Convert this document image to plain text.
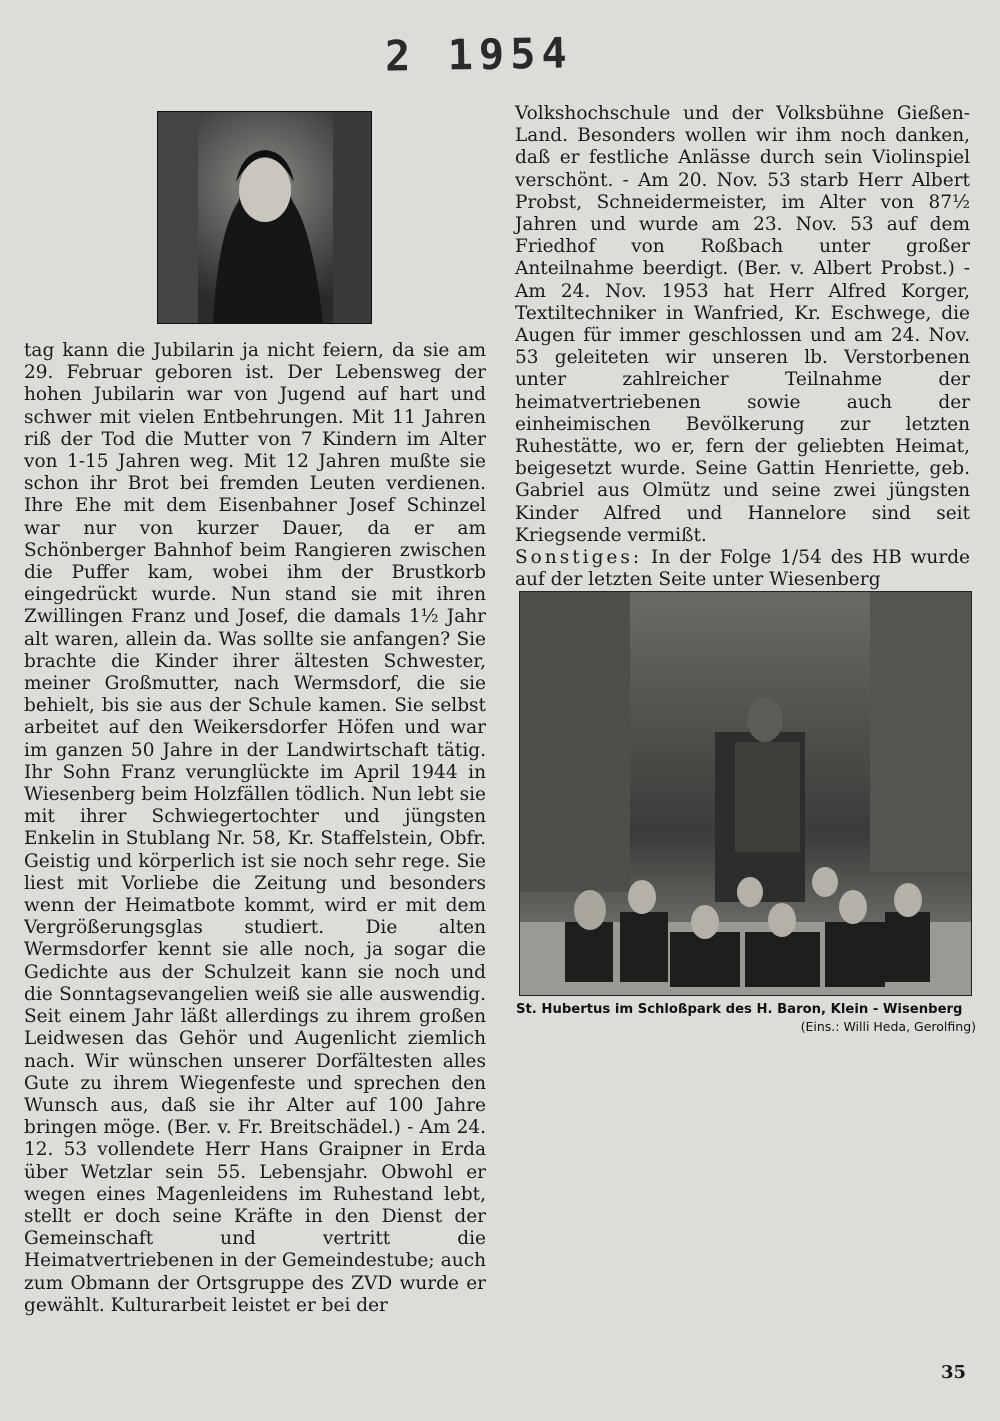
2 1954

tag kann die Jubilarin ja nicht feiern, da sie am 29. Februar geboren ist. Der Lebensweg der hohen Jubilarin war von Jugend auf hart und schwer mit vielen Entbehrungen. Mit 11 Jahren riß der Tod die Mutter von 7 Kindern im Alter von 1-15 Jahren weg. Mit 12 Jahren mußte sie schon ihr Brot bei fremden Leuten verdienen. Ihre Ehe mit dem Eisenbahner Josef Schinzel war nur von kurzer Dauer, da er am Schönberger Bahnhof beim Rangieren zwischen die Puffer kam, wobei ihm der Brustkorb eingedrückt wurde. Nun stand sie mit ihren Zwillingen Franz und Josef, die damals 1½ Jahr alt waren, allein da. Was sollte sie anfangen? Sie brachte die Kinder ihrer ältesten Schwester, meiner Großmutter, nach Wermsdorf, die sie behielt, bis sie aus der Schule kamen. Sie selbst arbeitet auf den Weikersdorfer Höfen und war im ganzen 50 Jahre in der Landwirtschaft tätig. Ihr Sohn Franz verunglückte im April 1944 in Wiesenberg beim Holzfällen tödlich. Nun lebt sie mit ihrer Schwiegertochter und jüngsten Enkelin in Stublang Nr. 58, Kr. Staffelstein, Obfr. Geistig und körperlich ist sie noch sehr rege. Sie liest mit Vorliebe die Zeitung und besonders wenn der Heimatbote kommt, wird er mit dem Vergrößerungsglas studiert. Die alten Wermsdorfer kennt sie alle noch, ja sogar die Gedichte aus der Schulzeit kann sie noch und die Sonntagsevangelien weiß sie alle auswendig. Seit einem Jahr läßt allerdings zu ihrem großen Leidwesen das Gehör und Augenlicht ziemlich nach. Wir wünschen unserer Dorfältesten alles Gute zu ihrem Wiegenfeste und sprechen den Wunsch aus, daß sie ihr Alter auf 100 Jahre bringen möge. (Ber. v. Fr. Breitschädel.) - Am 24. 12. 53 vollendete Herr Hans Graipner in Erda über Wetzlar sein 55. Lebensjahr. Obwohl er wegen eines Magenleidens im Ruhestand lebt, stellt er doch seine Kräfte in den Dienst der Gemeinschaft und vertritt die Heimatvertriebenen in der Gemeindestube; auch zum Obmann der Ortsgruppe des ZVD wurde er gewählt. Kulturarbeit leistet er bei der

Volkshochschule und der Volksbühne Gießen-Land. Besonders wollen wir ihm noch danken, daß er festliche Anlässe durch sein Violinspiel verschönt. - Am 20. Nov. 53 starb Herr Albert Probst, Schneidermeister, im Alter von 87½ Jahren und wurde am 23. Nov. 53 auf dem Friedhof von Roßbach unter großer Anteilnahme beerdigt. (Ber. v. Albert Probst.) - Am 24. Nov. 1953 hat Herr Alfred Korger, Textiltechniker in Wanfried, Kr. Eschwege, die Augen für immer geschlossen und am 24. Nov. 53 geleiteten wir unseren lb. Verstorbenen unter zahlreicher Teilnahme der heimatvertriebenen sowie auch der einheimischen Bevölkerung zur letzten Ruhestätte, wo er, fern der geliebten Heimat, beigesetzt wurde. Seine Gattin Henriette, geb. Gabriel aus Olmütz und seine zwei jüngsten Kinder Alfred und Hannelore sind seit Kriegsende vermißt.

Sonstiges: In der Folge 1/54 des HB wurde auf der letzten Seite unter Wiesenberg

St. Hubertus im Schloßpark des H. Baron, Klein - Wisenberg
(Eins.: Willi Heda, Gerolfing)
35
